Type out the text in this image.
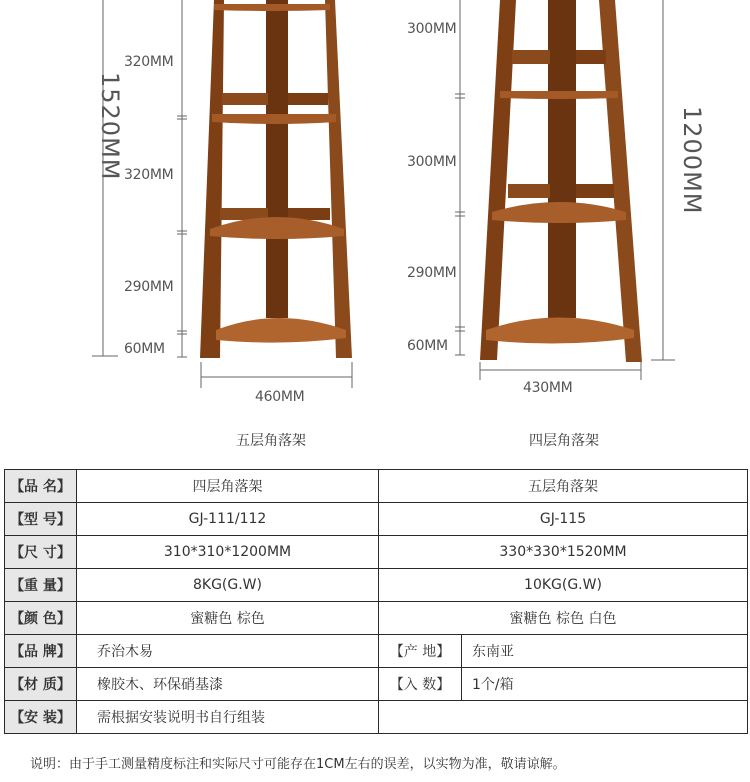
1520MM
320MM
320MM
290MM
60MM
460MM
五层角落架
300MM
300MM
290MM
60MM
430MM
四层角落架
1200MM
【品 名】	四层角落架	五层角落架
【型 号】	GJ-111/112	GJ-115
【尺 寸】	310*310*1200MM	330*330*1520MM
【重 量】	8KG(G.W)	10KG(G.W)
【颜 色】	蜜糖色 棕色	蜜糖色 棕色 白色
【品 牌】	乔治木易	【产 地】 东南亚

【材 质】	橡胶木、环保硝基漆	【入 数】 1个/箱

【安 装】	需根据安装说明书自行组装	
说明：由于手工测量精度标注和实际尺寸可能存在1CM左右的误差，以实物为准，敬请谅解。
